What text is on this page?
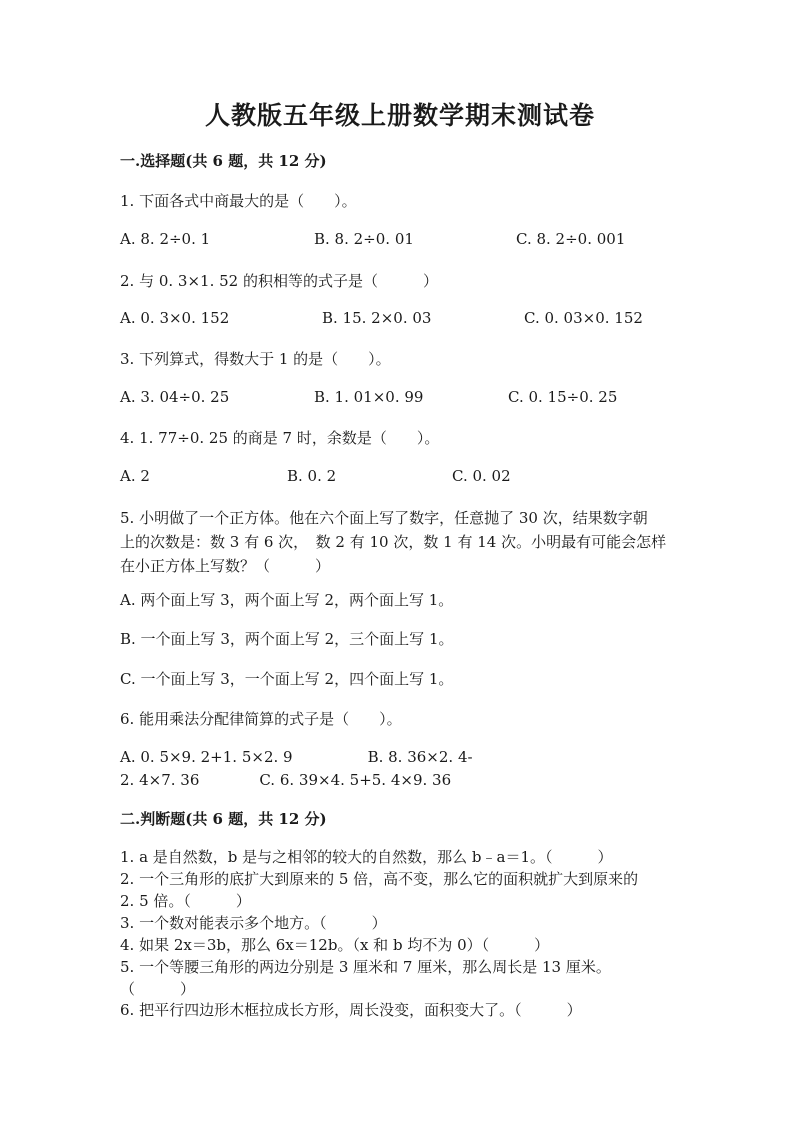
人教版五年级上册数学期末测试卷
一.选择题(共 6 题，共 12 分)
1. 下面各式中商最大的是（　　）。
A. 8. 2÷0. 1	B. 8. 2÷0. 01	C. 8. 2÷0. 001
2. 与 0. 3×1. 52 的积相等的式子是（　　　）
A. 0. 3×0. 152	B. 15. 2×0. 03	C. 0. 03×0. 152
3. 下列算式，得数大于 1 的是（　　）。
A. 3. 04÷0. 25	B. 1. 01×0. 99	C. 0. 15÷0. 25
4. 1. 77÷0. 25 的商是 7 时，余数是（　　）。
A. 2	B. 0. 2	C. 0. 02
5. 小明做了一个正方体。他在六个面上写了数字，任意抛了 30 次，结果数字朝
上的次数是：数 3 有 6 次，　数 2 有 10 次，数 1 有 14 次。小明最有可能会怎样
在小正方体上写数？（　　　）
A. 两个面上写 3，两个面上写 2，两个面上写 1。
B. 一个面上写 3，两个面上写 2，三个面上写 1。
C. 一个面上写 3，一个面上写 2，四个面上写 1。
6. 能用乘法分配律简算的式子是（　　）。
A. 0. 5×9. 2+1. 5×2. 9　　　　　B. 8. 36×2. 4-
2. 4×7. 36　　　　C. 6. 39×4. 5+5. 4×9. 36
二.判断题(共 6 题，共 12 分)
1. a 是自然数，b 是与之相邻的较大的自然数，那么 b﹣a＝1。（　　　）
2. 一个三角形的底扩大到原来的 5 倍，高不变，那么它的面积就扩大到原来的
2. 5 倍。（　　　）
3. 一个数对能表示多个地方。（　　　）
4. 如果 2x＝3b，那么 6x＝12b。（x 和 b 均不为 0）（　　　）
5. 一个等腰三角形的两边分别是 3 厘米和 7 厘米，那么周长是 13 厘米。
（　　　）
6. 把平行四边形木框拉成长方形，周长没变，面积变大了。（　　　）
